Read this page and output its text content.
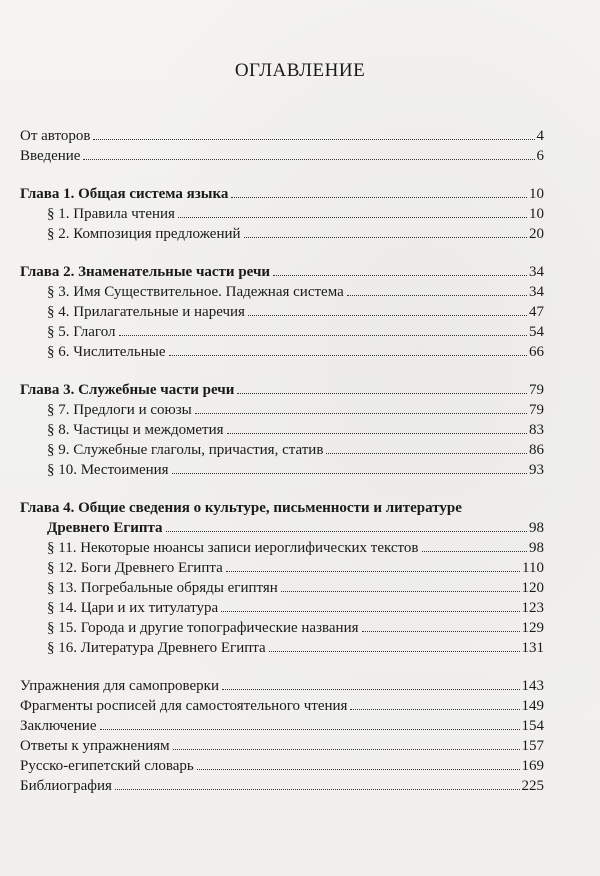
ОГЛАВЛЕНИЕ
От авторов	4
Введение	6
Глава 1. Общая система языка	10
§ 1. Правила чтения	10
§ 2. Композиция предложений	20
Глава 2. Знаменательные части речи	34
§ 3. Имя Существительное. Падежная система	34
§ 4. Прилагательные и наречия	47
§ 5. Глагол	54
§ 6. Числительные	66
Глава 3. Служебные части речи	79
§ 7. Предлоги и союзы	79
§ 8. Частицы и междометия	83
§ 9. Служебные глаголы, причастия, статив	86
§ 10. Местоимения	93
Глава 4. Общие сведения о культуре, письменности и литературе
Древнего Египта	98
§ 11. Некоторые нюансы записи иероглифических текстов	98
§ 12. Боги Древнего Египта	110
§ 13. Погребальные обряды египтян	120
§ 14. Цари и их титулатура	123
§ 15. Города и другие топографические названия	129
§ 16. Литература Древнего Египта	131
Упражнения для самопроверки	143
Фрагменты росписей для самостоятельного чтения	149
Заключение	154
Ответы к упражнениям	157
Русско-египетский словарь	169
Библиография	225
